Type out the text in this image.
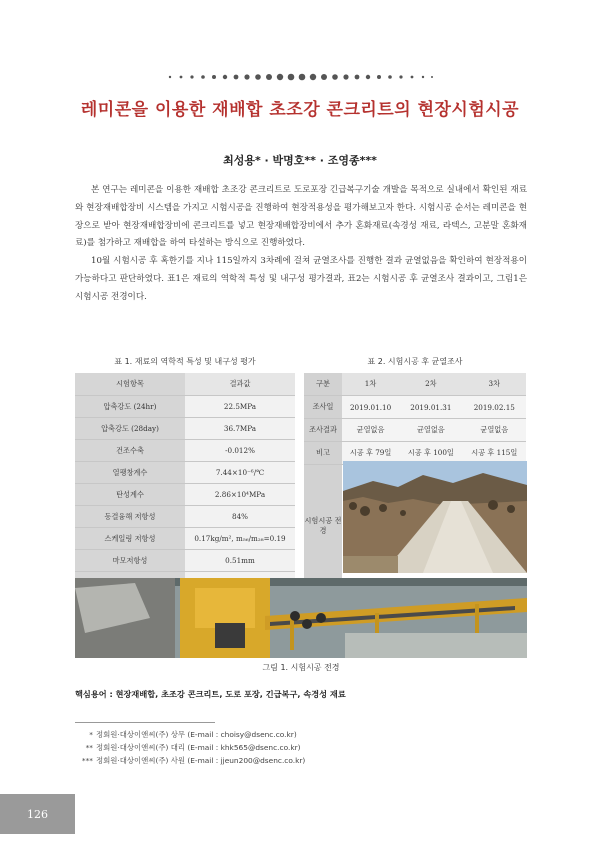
레미콘을 이용한 재배합 초조강 콘크리트의 현장시험시공
최성용* · 박명호** · 조영종***

본 연구는 레미콘을 이용한 재배합 초조강 콘크리트로 도로포장 긴급복구기술 개발을 목적으로 실내에서 확인된 재료와 현장재배합장비 시스템을 가지고 시험시공을 진행하여 현장적용성을 평가해보고자 한다. 시험시공 순서는 레미콘을 현장으로 받아 현장재배합장비에 콘크리트를 넣고 현장재배합장비에서 추가 혼화재료(속경성 재료, 라텍스, 고분말 혼화재료)를 첨가하고 재배합을 하여 타설하는 방식으로 진행하였다.

10월 시험시공 후 혹한기를 지나 115일까지 3차례에 걸쳐 균열조사를 진행한 결과 균열없음을 확인하여 현장적용이 가능하다고 판단하였다. 표1은 재료의 역학적 특성 및 내구성 평가결과, 표2는 시험시공 후 균열조사 결과이고, 그림1은 시험시공 전경이다.

표 1. 재료의 역학적 특성 및 내구성 평가
시험항목	결과값
압축강도 (24hr)	22.5MPa
압축강도 (28day)	36.7MPa
건조수축	-0.012%
열팽창계수	7.44×10⁻⁶/℃
탄성계수	2.86×10⁴MPa
동결융해 저항성	84%
스케일링 저항성	0.17kg/m², m₅₆/m₂₈=0.19
마모저항성	0.51mm

표 2. 시험시공 후 균열조사
구분	1차	2차	3차
조사일	2019.01.10	2019.01.31	2019.02.15
조사결과	균열없음	균열없음	균열없음
비고	시공 후 79일	시공 후 100일	시공 후 115일
시험시공 전경			
그림 1. 시험시공 전경
핵심용어 : 현장재배합, 초조강 콘크리트, 도로 포장, 긴급복구, 속경성 재료
* 정회원·대상이앤씨(주) 상무 (E-mail : choisy@dsenc.co.kr)
** 정회원·대상이앤씨(주) 대리 (E-mail : khk565@dsenc.co.kr)
*** 정회원·대상이앤씨(주) 사원 (E-mail : jjeun200@dsenc.co.kr)
126
